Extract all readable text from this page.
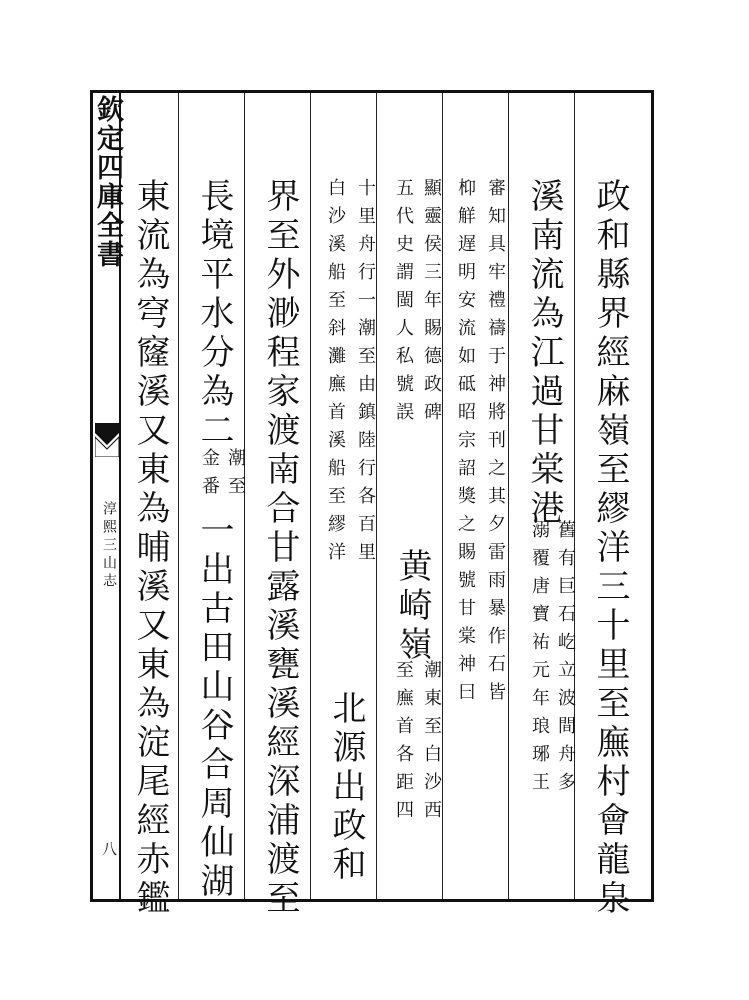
欽定四庫全書
淳熙三山志
八	政和縣界經麻嶺至繆洋三十里至廡村會龍泉
溪南流為江過甘棠港
舊有巨石屹立波間舟多
溺覆唐寶祐元年琅琊王
審知具牢禮禱于神將刊之其夕雷雨暴作石皆
枊觧遅明安流如砥昭宗詔獎之賜號甘棠神曰
顯靈侯三年賜德政碑
五代史謂閩人私號誤
黄崎嶺
潮東至白沙西
至廡首各距四
十里舟行一潮至由鎮陸行各百里
白沙溪船至斜灘廡首溪船至繆洋
北源出政和
界至外渺程家渡南合甘露溪甕溪經深浦渡至
長境平水分為二
潮至
金番
一出古田山谷合周仙湖
東流為穹窿溪又東為晡溪又東為淀尾經赤鑑
